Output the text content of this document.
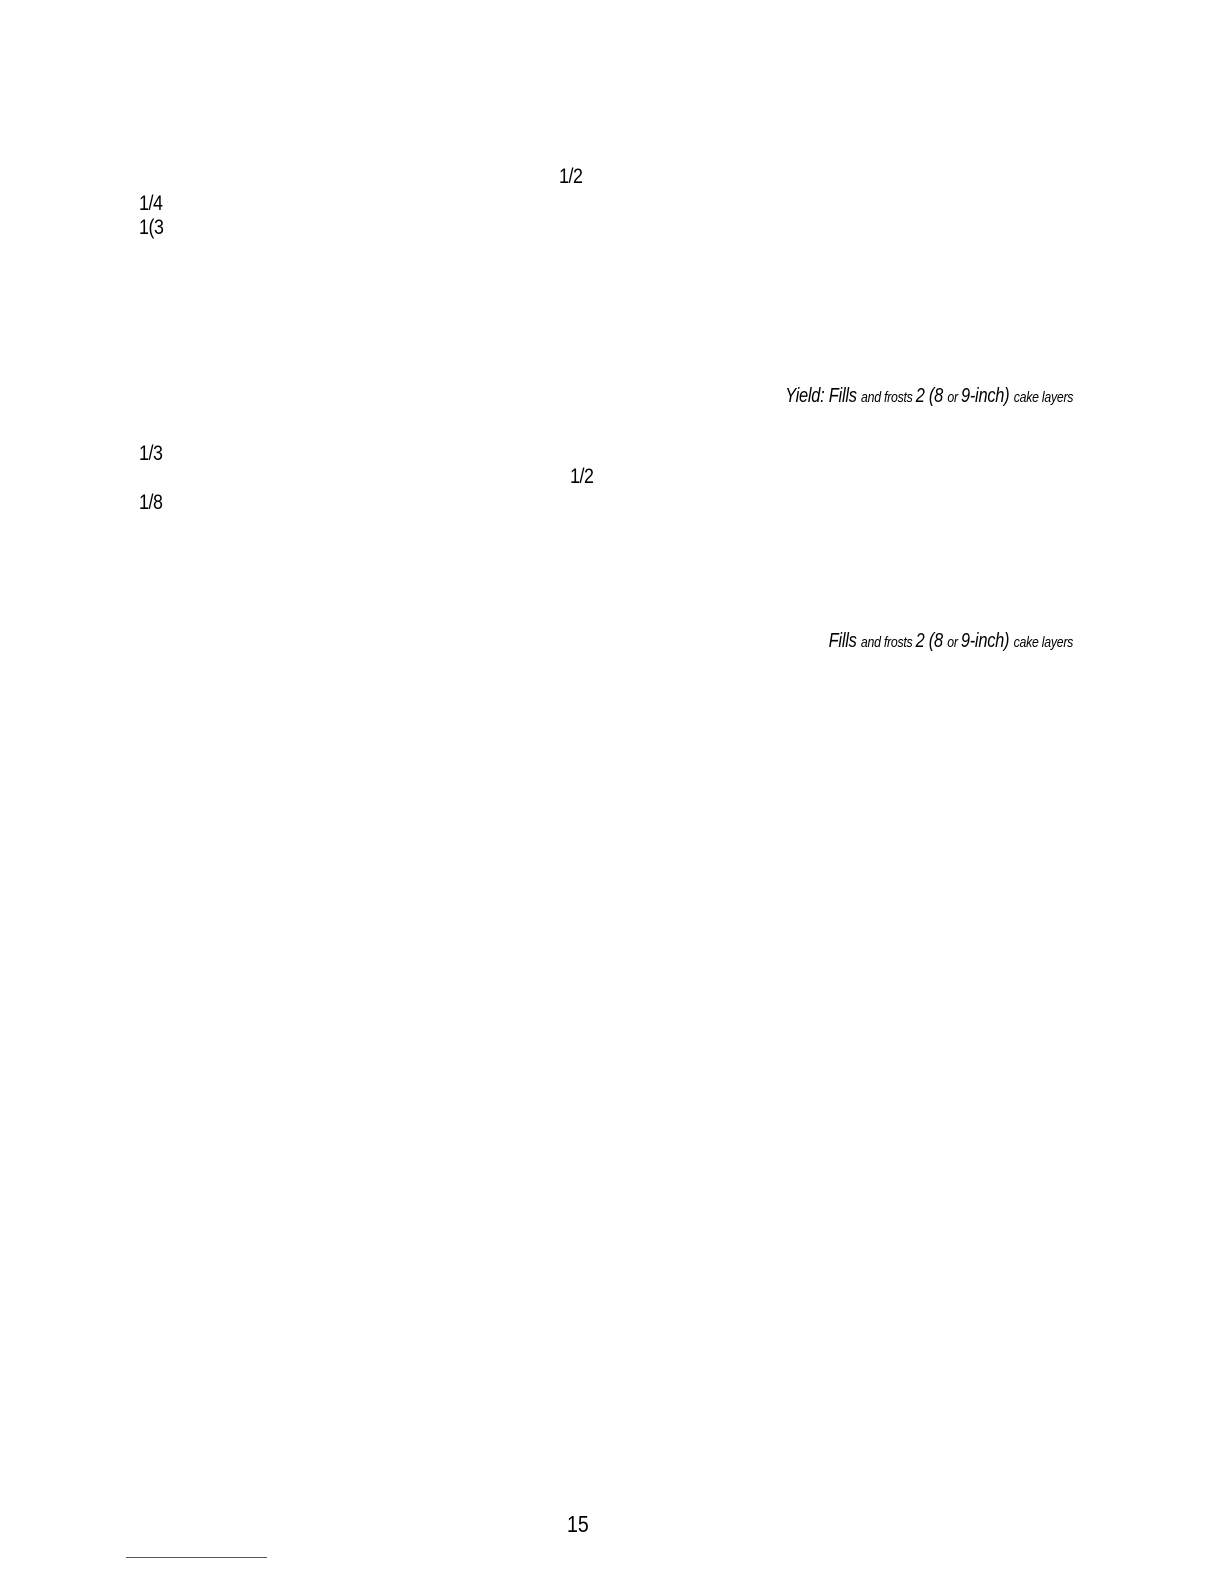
1/2
1/4
1(3
Yield: Fills and frosts 2 (8 or 9-inch) cake layers
1/3
1/2
1/8
Fills and frosts 2 (8 or 9-inch) cake layers
15
